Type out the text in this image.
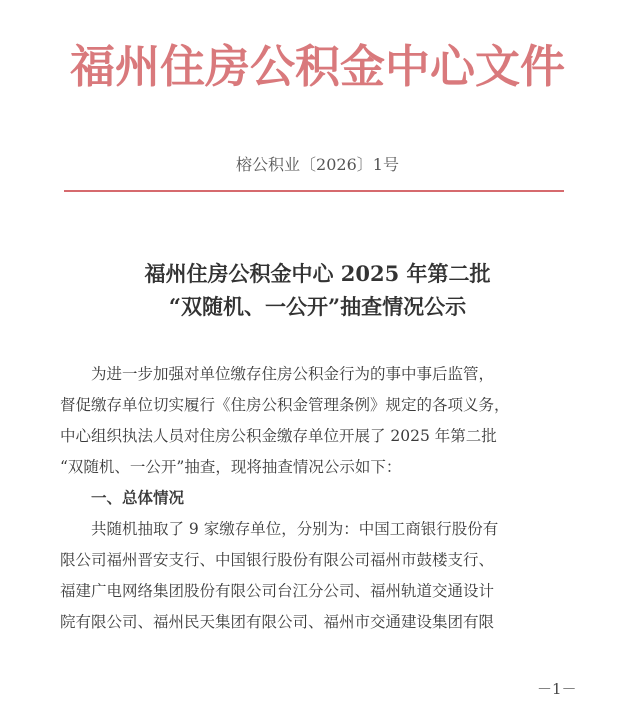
福州住房公积金中心文件
榕公积业〔2026〕1号
福州住房公积金中心 2025 年第二批
“双随机、一公开”抽查情况公示

为进一步加强对单位缴存住房公积金行为的事中事后监管，

督促缴存单位切实履行《住房公积金管理条例》规定的各项义务，

中心组织执法人员对住房公积金缴存单位开展了 2025 年第二批

“双随机、一公开”抽查，现将抽查情况公示如下：

一、总体情况

共随机抽取了 9 家缴存单位，分别为：中国工商银行股份有

限公司福州晋安支行、中国银行股份有限公司福州市鼓楼支行、

福建广电网络集团股份有限公司台江分公司、福州轨道交通设计

院有限公司、福州民天集团有限公司、福州市交通建设集团有限

－1－
